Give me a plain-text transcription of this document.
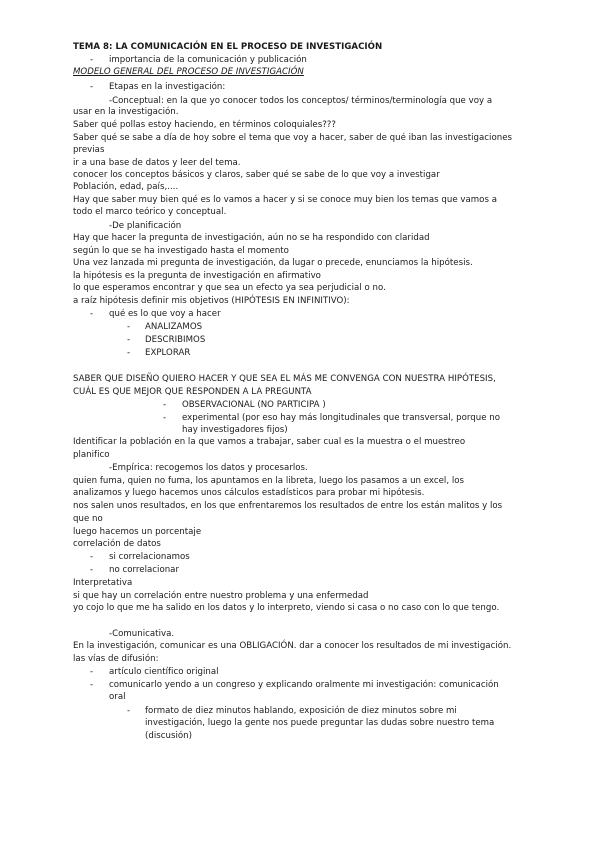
TEMA 8: LA COMUNICACIÓN EN EL PROCESO DE INVESTIGACIÓN
- importancia de la comunicación y publicación
MODELO GENERAL DEL PROCESO DE INVESTIGACIÓN
- Etapas en la investigación:
-Conceptual: en la que yo conocer todos los conceptos/ términos/terminología que voy a
usar en la investigación.
Saber qué pollas estoy haciendo, en términos coloquiales???
Saber qué se sabe a día de hoy sobre el tema que voy a hacer, saber de qué iban las investigaciones
previas
ir a una base de datos y leer del tema.
conocer los conceptos básicos y claros, saber qué se sabe de lo que voy a investigar
Población, edad, país,....
Hay que saber muy bien qué es lo vamos a hacer y si se conoce muy bien los temas que vamos a
todo el marco teórico y conceptual.
-De planificación
Hay que hacer la pregunta de investigación, aún no se ha respondido con claridad
según lo que se ha investigado hasta el momento
Una vez lanzada mi pregunta de investigación, da lugar o precede, enunciamos la hipótesis.
la hipótesis es la pregunta de investigación en afirmativo
lo que esperamos encontrar y que sea un efecto ya sea perjudicial o no.
a raíz hipótesis definir mis objetivos (HIPÓTESIS EN INFINITIVO):
- qué es lo que voy a hacer
- ANALIZAMOS
- DESCRIBIMOS
- EXPLORAR
SABER QUE DISEÑO QUIERO HACER Y QUE SEA EL MÁS ME CONVENGA CON NUESTRA HIPÓTESIS,
CUÁL ES QUE MEJOR QUE RESPONDEN A LA PREGUNTA
- OBSERVACIONAL (NO PARTICIPA )
- experimental (por eso hay más longitudinales que transversal, porque no
hay investigadores fijos)
Identificar la población en la que vamos a trabajar, saber cual es la muestra o el muestreo
planifico
-Empírica: recogemos los datos y procesarlos.
quien fuma, quien no fuma, los apuntamos en la libreta, luego los pasamos a un excel, los
analizamos y luego hacemos unos cálculos estadísticos para probar mi hipótesis.
nos salen unos resultados, en los que enfrentaremos los resultados de entre los están malitos y los
que no
luego hacemos un porcentaje
correlación de datos
- si correlacionamos
- no correlacionar
Interpretativa
si que hay un correlación entre nuestro problema y una enfermedad
yo cojo lo que me ha salido en los datos y lo interpreto, viendo si casa o no caso con lo que tengo.
-Comunicativa.
En la investigación, comunicar es una OBLIGACIÓN. dar a conocer los resultados de mi investigación.
las vías de difusión:
- artículo científico original
- comunicarlo yendo a un congreso y explicando oralmente mi investigación: comunicación
oral
- formato de diez minutos hablando, exposición de diez minutos sobre mi
investigación, luego la gente nos puede preguntar las dudas sobre nuestro tema
(discusión)
